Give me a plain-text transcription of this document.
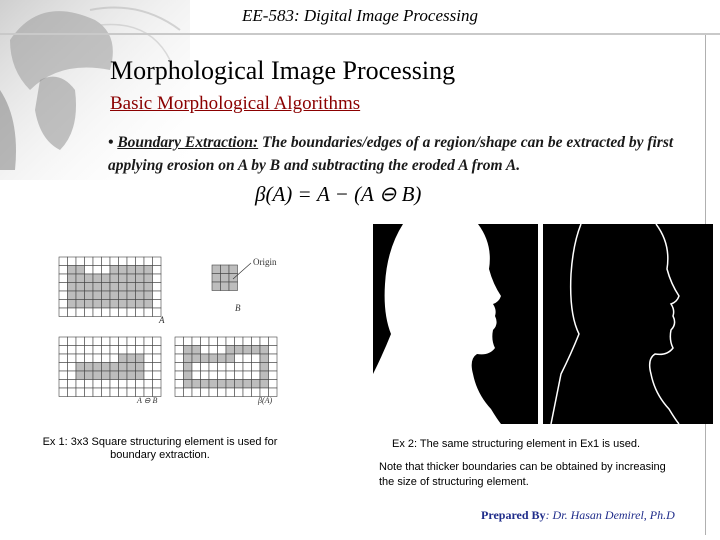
EE-583: Digital Image Processing
Morphological Image Processing
Basic Morphological Algorithms
• Boundary Extraction: The boundaries/edges of a region/shape can be extracted by first applying erosion on A by B and subtracting the eroded A from A.
β(A) = A − (A ⊖ B)
Origin
A
B
A ⊖ B	β(A)
Ex 1: 3x3 Square structuring element is used for boundary extraction.
Ex 2: The same structuring element in Ex1 is used.
Note that thicker boundaries can be obtained by increasing the size of structuring element.
Prepared By: Dr. Hasan Demirel, Ph.D
